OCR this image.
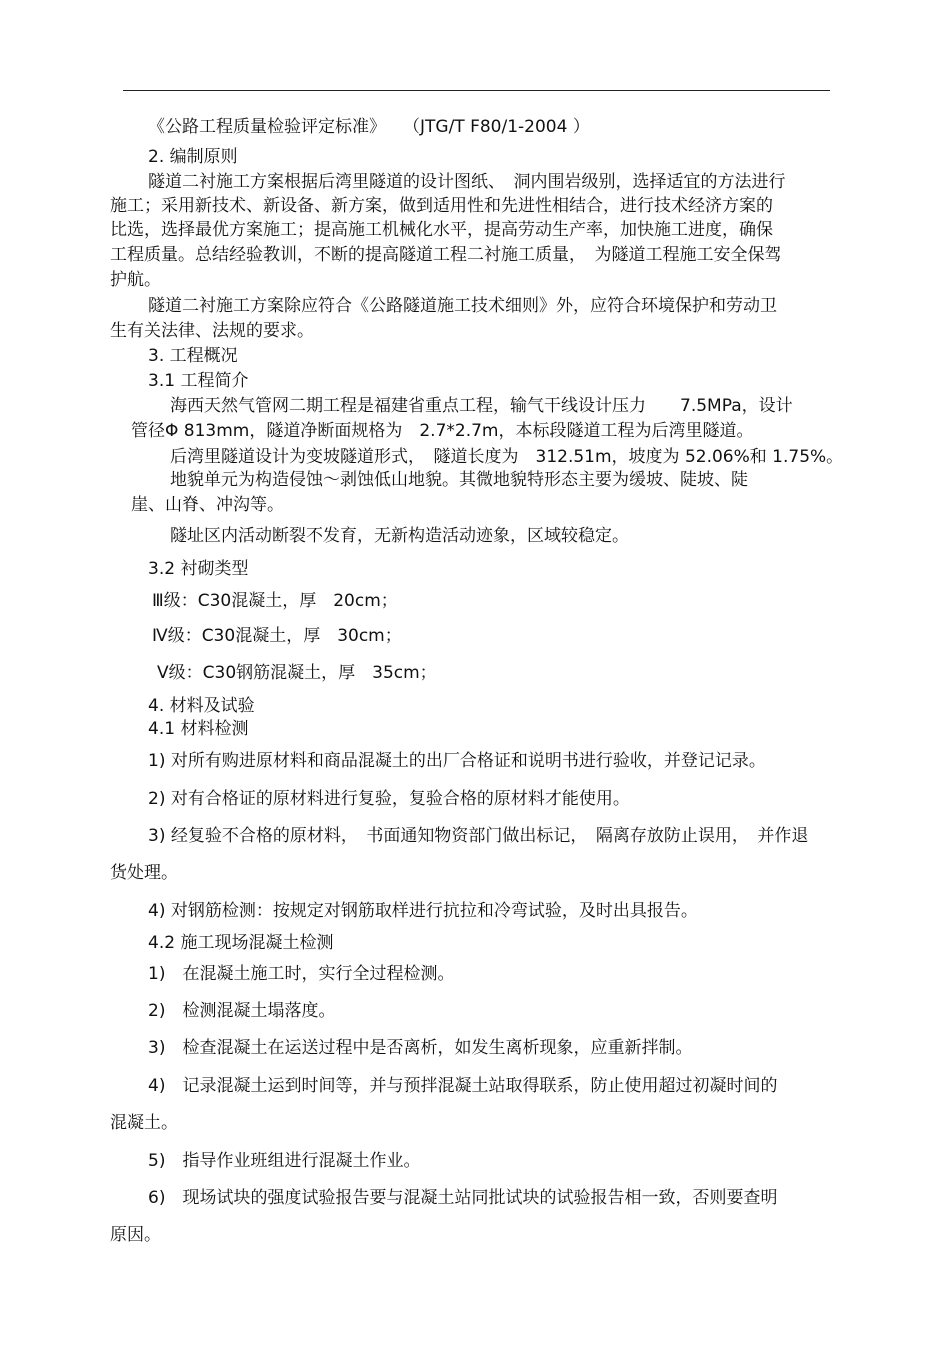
《公路工程质量检验评定标准》　　（JTG/T F80/1-2004 ）
2. 编制原则
隧道二衬施工方案根据后湾里隧道的设计图纸、　洞内围岩级别，选择适宜的方法进行
施工；采用新技术、新设备、新方案，做到适用性和先进性相结合，进行技术经济方案的
比选，选择最优方案施工；提高施工机械化水平，提高劳动生产率，加快施工进度，确保
工程质量。总结经验教训，不断的提高隧道工程二衬施工质量，　为隧道工程施工安全保驾
护航。
隧道二衬施工方案除应符合《公路隧道施工技术细则》外，应符合环境保护和劳动卫
生有关法律、法规的要求。
3. 工程概况
3.1 工程简介
海西天然气管网二期工程是福建省重点工程，输气干线设计压力　　7.5MPa，设计
管径Φ 813mm，隧道净断面规格为　2.7*2.7m，本标段隧道工程为后湾里隧道。
后湾里隧道设计为变坡隧道形式，　隧道长度为　312.51m，坡度为 52.06%和 1.75%。
地貌单元为构造侵蚀～剥蚀低山地貌。其微地貌特形态主要为缓坡、陡坡、陡
崖、山脊、冲沟等。
隧址区内活动断裂不发育，无新构造活动迹象，区域较稳定。
3.2 衬砌类型
Ⅲ级：C30混凝土，厚　20cm；
Ⅳ级：C30混凝土，厚　30cm；
Ⅴ级：C30钢筋混凝土，厚　35cm；
4. 材料及试验
4.1 材料检测
1) 对所有购进原材料和商品混凝土的出厂合格证和说明书进行验收，并登记记录。
2) 对有合格证的原材料进行复验，复验合格的原材料才能使用。
3) 经复验不合格的原材料，　书面通知物资部门做出标记，　隔离存放防止误用，　并作退
货处理。
4) 对钢筋检测：按规定对钢筋取样进行抗拉和冷弯试验，及时出具报告。
4.2 施工现场混凝土检测
1)　在混凝土施工时，实行全过程检测。
2)　检测混凝土塌落度。
3)　检查混凝土在运送过程中是否离析，如发生离析现象，应重新拌制。
4)　记录混凝土运到时间等，并与预拌混凝土站取得联系，防止使用超过初凝时间的
混凝土。
5)　指导作业班组进行混凝土作业。
6)　现场试块的强度试验报告要与混凝土站同批试块的试验报告相一致，否则要查明
原因。
